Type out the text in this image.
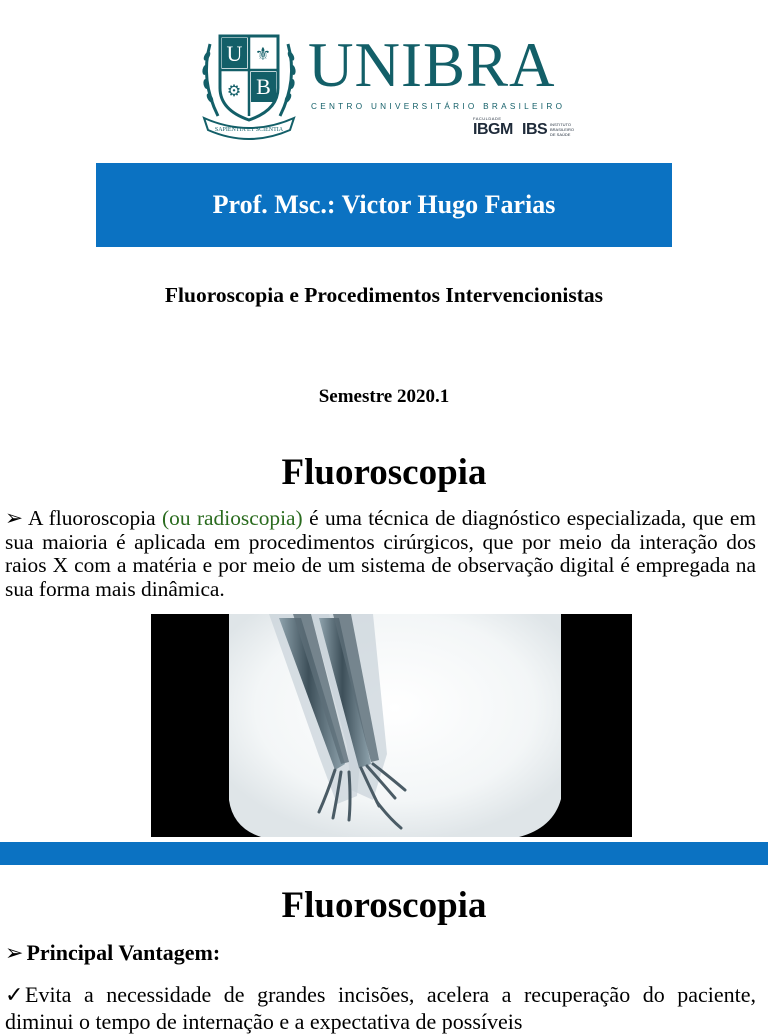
U
B
⚜
⚙
SAPIENTIA ET SCIENTIA
UNIBRA
CENTRO UNIVERSITÁRIO BRASILEIRO
FACULDADE
IBGM IBS INSTITUTO BRASILEIRO DE SAÚDE
Prof. Msc.: Victor Hugo Farias
Fluoroscopia e Procedimentos Intervencionistas
Semestre 2020.1
Fluoroscopia
➢ A fluoroscopia (ou radioscopia) é uma técnica de diagnóstico especializada, que em sua maioria é aplicada em procedimentos cirúrgicos, que por meio da interação dos raios X com a matéria e por meio de um sistema de observação digital é empregada na sua forma mais dinâmica.
Fluoroscopia
➢ Principal Vantagem:
✓Evita a necessidade de grandes incisões, acelera a recuperação do paciente, diminui o tempo de internação e a expectativa de possíveis
